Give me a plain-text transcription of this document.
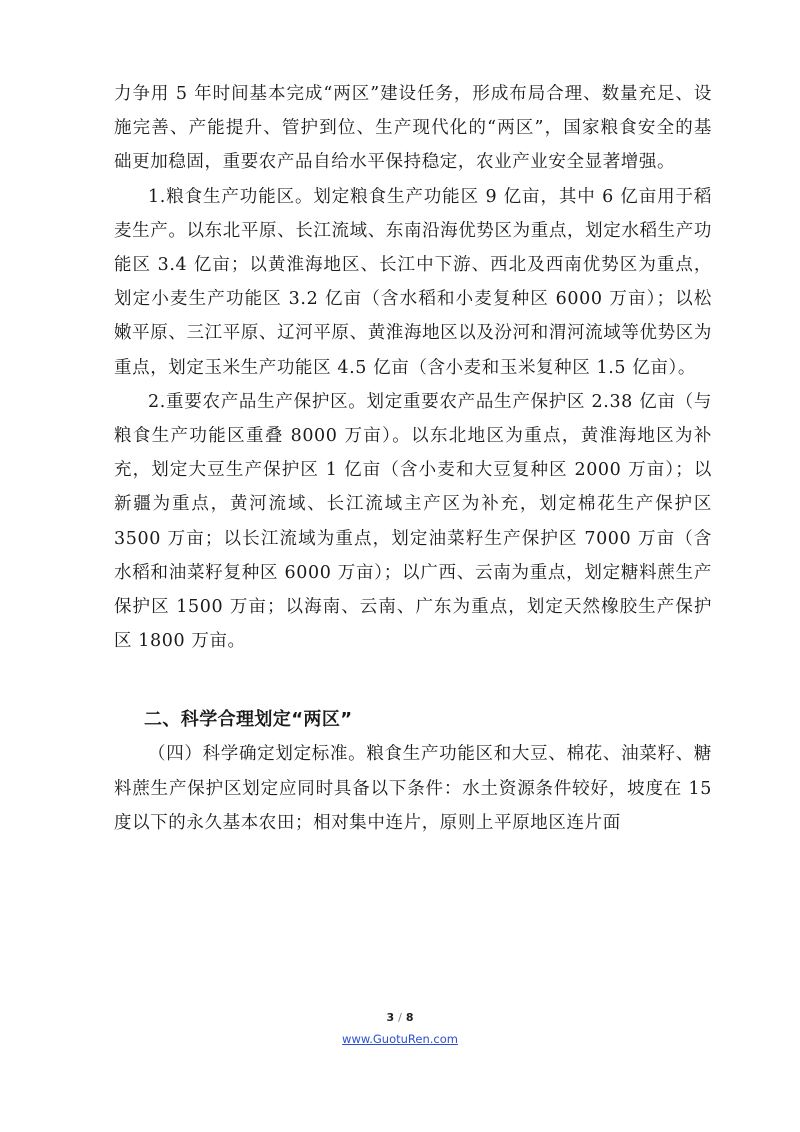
力争用 5 年时间基本完成“两区”建设任务，形成布局合理、数量充足、设施完善、产能提升、管护到位、生产现代化的“两区”，国家粮食安全的基础更加稳固，重要农产品自给水平保持稳定，农业产业安全显著增强。

1.粮食生产功能区。划定粮食生产功能区 9 亿亩，其中 6 亿亩用于稻麦生产。以东北平原、长江流域、东南沿海优势区为重点，划定水稻生产功能区 3.4 亿亩；以黄淮海地区、长江中下游、西北及西南优势区为重点，划定小麦生产功能区 3.2 亿亩（含水稻和小麦复种区 6000 万亩）；以松嫩平原、三江平原、辽河平原、黄淮海地区以及汾河和渭河流域等优势区为重点，划定玉米生产功能区 4.5 亿亩（含小麦和玉米复种区 1.5 亿亩）。

2.重要农产品生产保护区。划定重要农产品生产保护区 2.38 亿亩（与粮食生产功能区重叠 8000 万亩）。以东北地区为重点，黄淮海地区为补充，划定大豆生产保护区 1 亿亩（含小麦和大豆复种区 2000 万亩）；以新疆为重点，黄河流域、长江流域主产区为补充，划定棉花生产保护区 3500 万亩；以长江流域为重点，划定油菜籽生产保护区 7000 万亩（含水稻和油菜籽复种区 6000 万亩）；以广西、云南为重点，划定糖料蔗生产保护区 1500 万亩；以海南、云南、广东为重点，划定天然橡胶生产保护区 1800 万亩。

二、科学合理划定“两区”

（四）科学确定划定标准。粮食生产功能区和大豆、棉花、油菜籽、糖料蔗生产保护区划定应同时具备以下条件：水土资源条件较好，坡度在 15 度以下的永久基本农田；相对集中连片，原则上平原地区连片面

3 / 8
www.GuotuRen.com
